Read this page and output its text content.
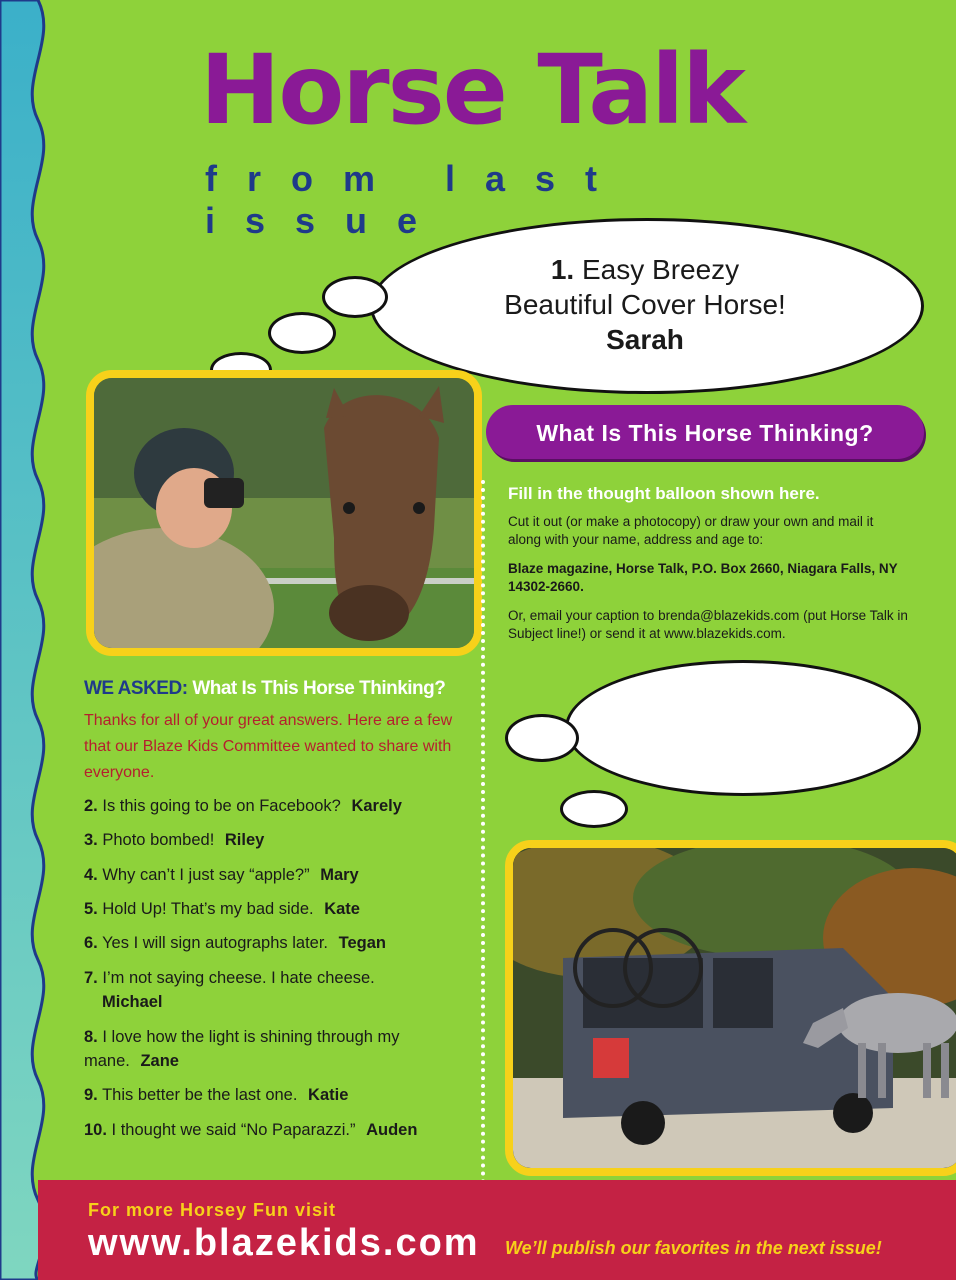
Horse Talk
from last issue
1. Easy Breezy
Beautiful Cover Horse!
Sarah
What Is This Horse Thinking?
Fill in the thought balloon shown here.
Cut it out (or make a photocopy) or draw your own and mail it along with your name, address and age to:
Blaze magazine, Horse Talk, P.O. Box 2660, Niagara Falls, NY 14302-2660.
Or, email your caption to brenda@blazekids.com (put Horse Talk in Subject line!) or send it at www.blazekids.com.
WE ASKED: What Is This Horse Thinking?
Thanks for all of your great answers. Here are a few that our Blaze Kids Committee wanted to share with everyone.
2. Is this going to be on Facebook? Karely
3. Photo bombed! Riley
4. Why can’t I just say “apple?” Mary
5. Hold Up! That’s my bad side. Kate
6. Yes I will sign autographs later. Tegan
7. I’m not saying cheese. I hate cheese.
Michael
8. I love how the light is shining through my mane. Zane
9. This better be the last one. Katie
10. I thought we said “No Paparazzi.” Auden
For more Horsey Fun visit
www.blazekids.com We’ll publish our favorites in the next issue!
